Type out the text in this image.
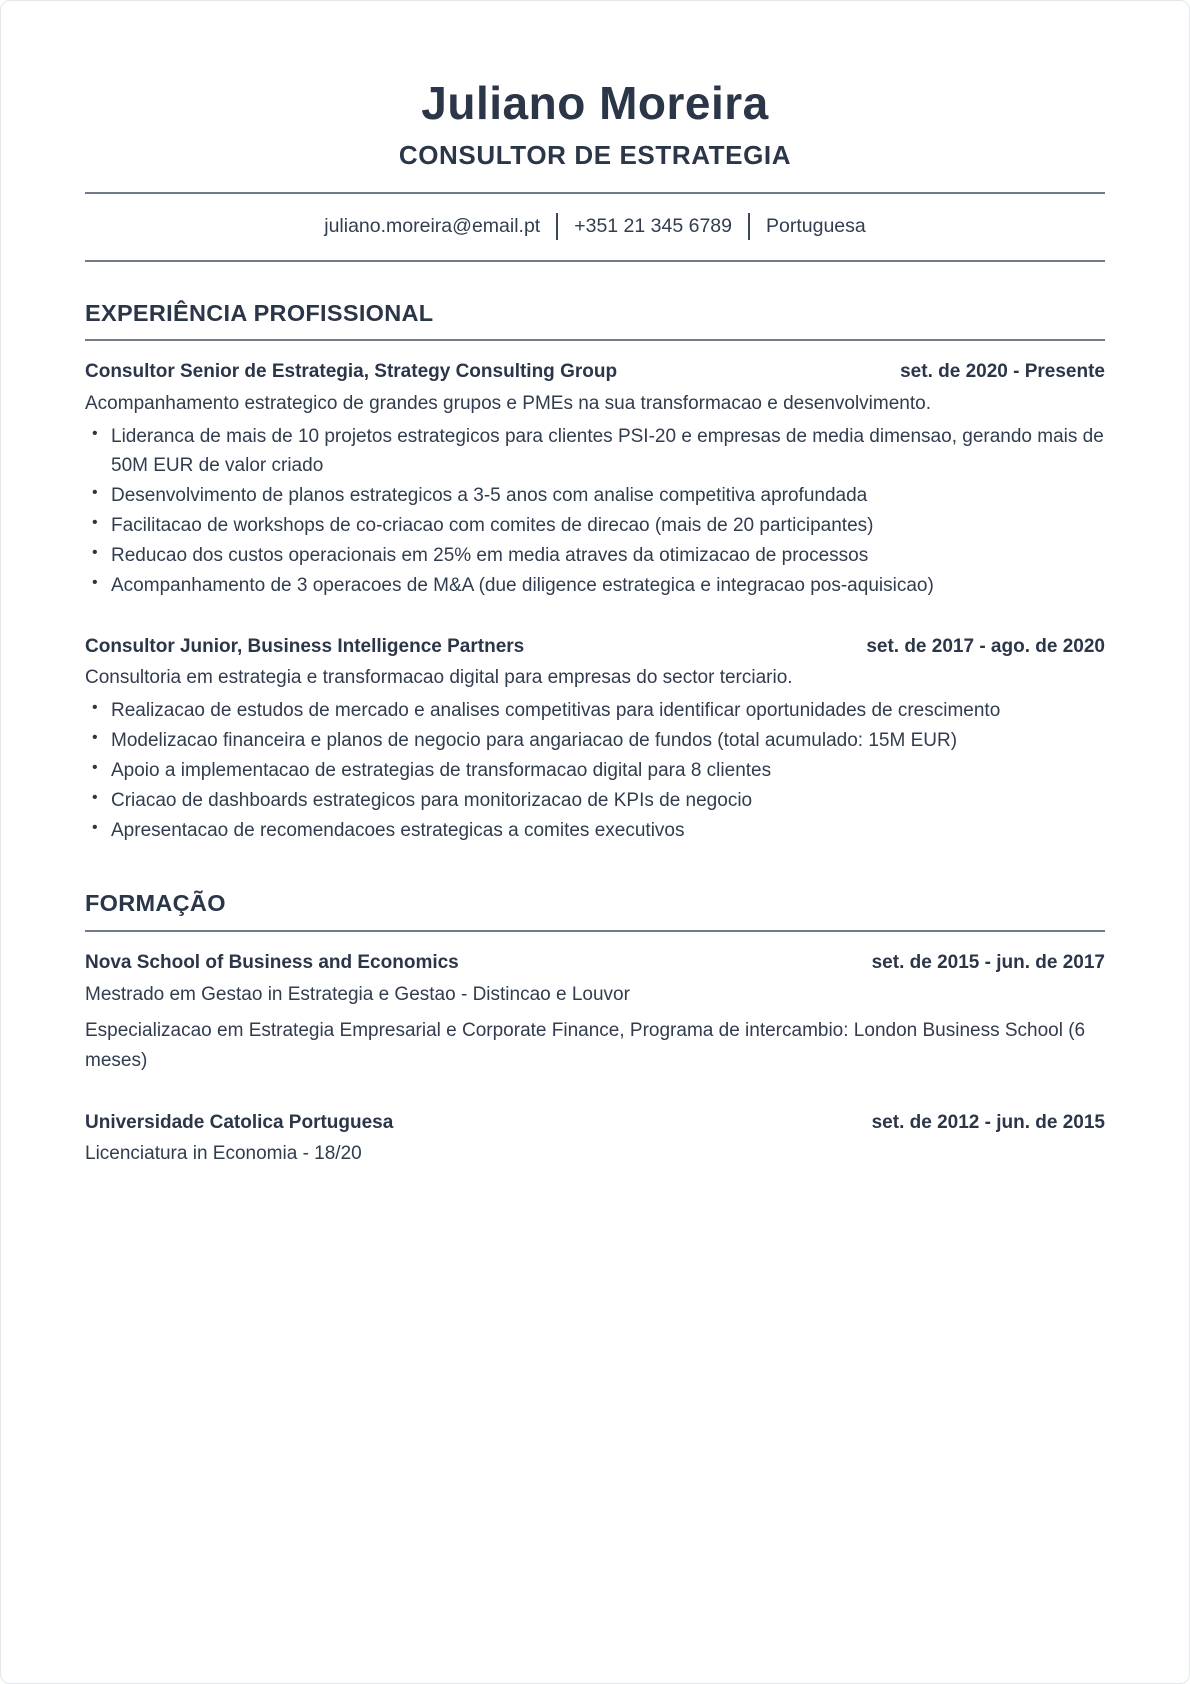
Juliano Moreira
CONSULTOR DE ESTRATEGIA
juliano.moreira@email.pt +351 21 345 6789 Portuguesa
EXPERIÊNCIA PROFISSIONAL
Consultor Senior de Estrategia, Strategy Consulting Group	set. de 2020 - Presente
Acompanhamento estrategico de grandes grupos e PMEs na sua transformacao e desenvolvimento.
• Lideranca de mais de 10 projetos estrategicos para clientes PSI-20 e empresas de media dimensao, gerando mais de 50M EUR de valor criado
• Desenvolvimento de planos estrategicos a 3-5 anos com analise competitiva aprofundada
• Facilitacao de workshops de co-criacao com comites de direcao (mais de 20 participantes)
• Reducao dos custos operacionais em 25% em media atraves da otimizacao de processos
• Acompanhamento de 3 operacoes de M&A (due diligence estrategica e integracao pos-aquisicao)
Consultor Junior, Business Intelligence Partners	set. de 2017 - ago. de 2020
Consultoria em estrategia e transformacao digital para empresas do sector terciario.
• Realizacao de estudos de mercado e analises competitivas para identificar oportunidades de crescimento
• Modelizacao financeira e planos de negocio para angariacao de fundos (total acumulado: 15M EUR)
• Apoio a implementacao de estrategias de transformacao digital para 8 clientes
• Criacao de dashboards estrategicos para monitorizacao de KPIs de negocio
• Apresentacao de recomendacoes estrategicas a comites executivos
FORMAÇÃO
Nova School of Business and Economics	set. de 2015 - jun. de 2017
Mestrado em Gestao in Estrategia e Gestao - Distincao e Louvor
Especializacao em Estrategia Empresarial e Corporate Finance, Programa de intercambio: London Business School (6 meses)
Universidade Catolica Portuguesa	set. de 2012 - jun. de 2015
Licenciatura in Economia - 18/20
